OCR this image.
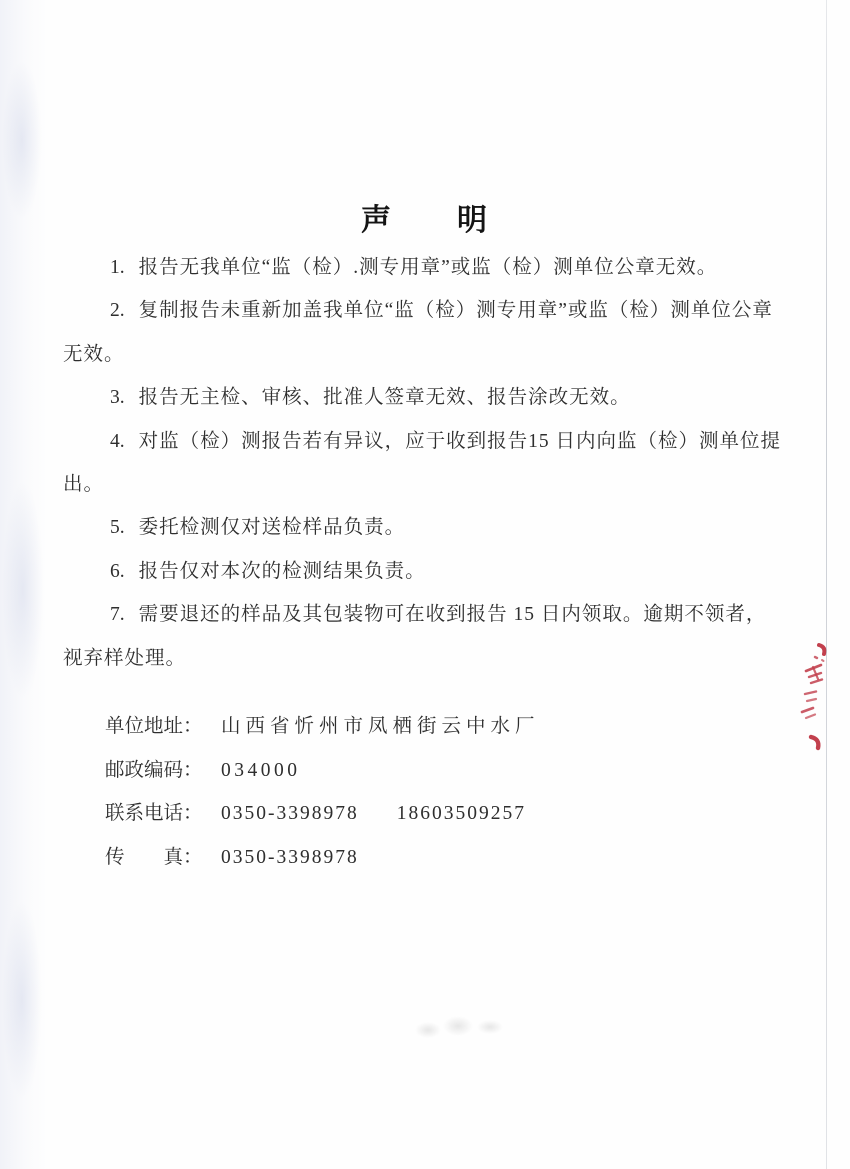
声　　明

1. 报告无我单位“监（检）.测专用章”或监（检）测单位公章无效。

2. 复制报告未重新加盖我单位“监（检）测专用章”或监（检）测单位公章无效。

3. 报告无主检、审核、批准人签章无效、报告涂改无效。

4. 对监（检）测报告若有异议，应于收到报告15 日内向监（检）测单位提出。

5. 委托检测仅对送检样品负责。

6. 报告仅对本次的检测结果负责。

7. 需要退还的样品及其包装物可在收到报告 15 日内领取。逾期不领者，视弃样处理。

单位地址： 山西省忻州市凤栖街云中水厂
邮政编码： 034000
联系电话： 0350-3398978 18603509257
传　　真： 0350-3398978
